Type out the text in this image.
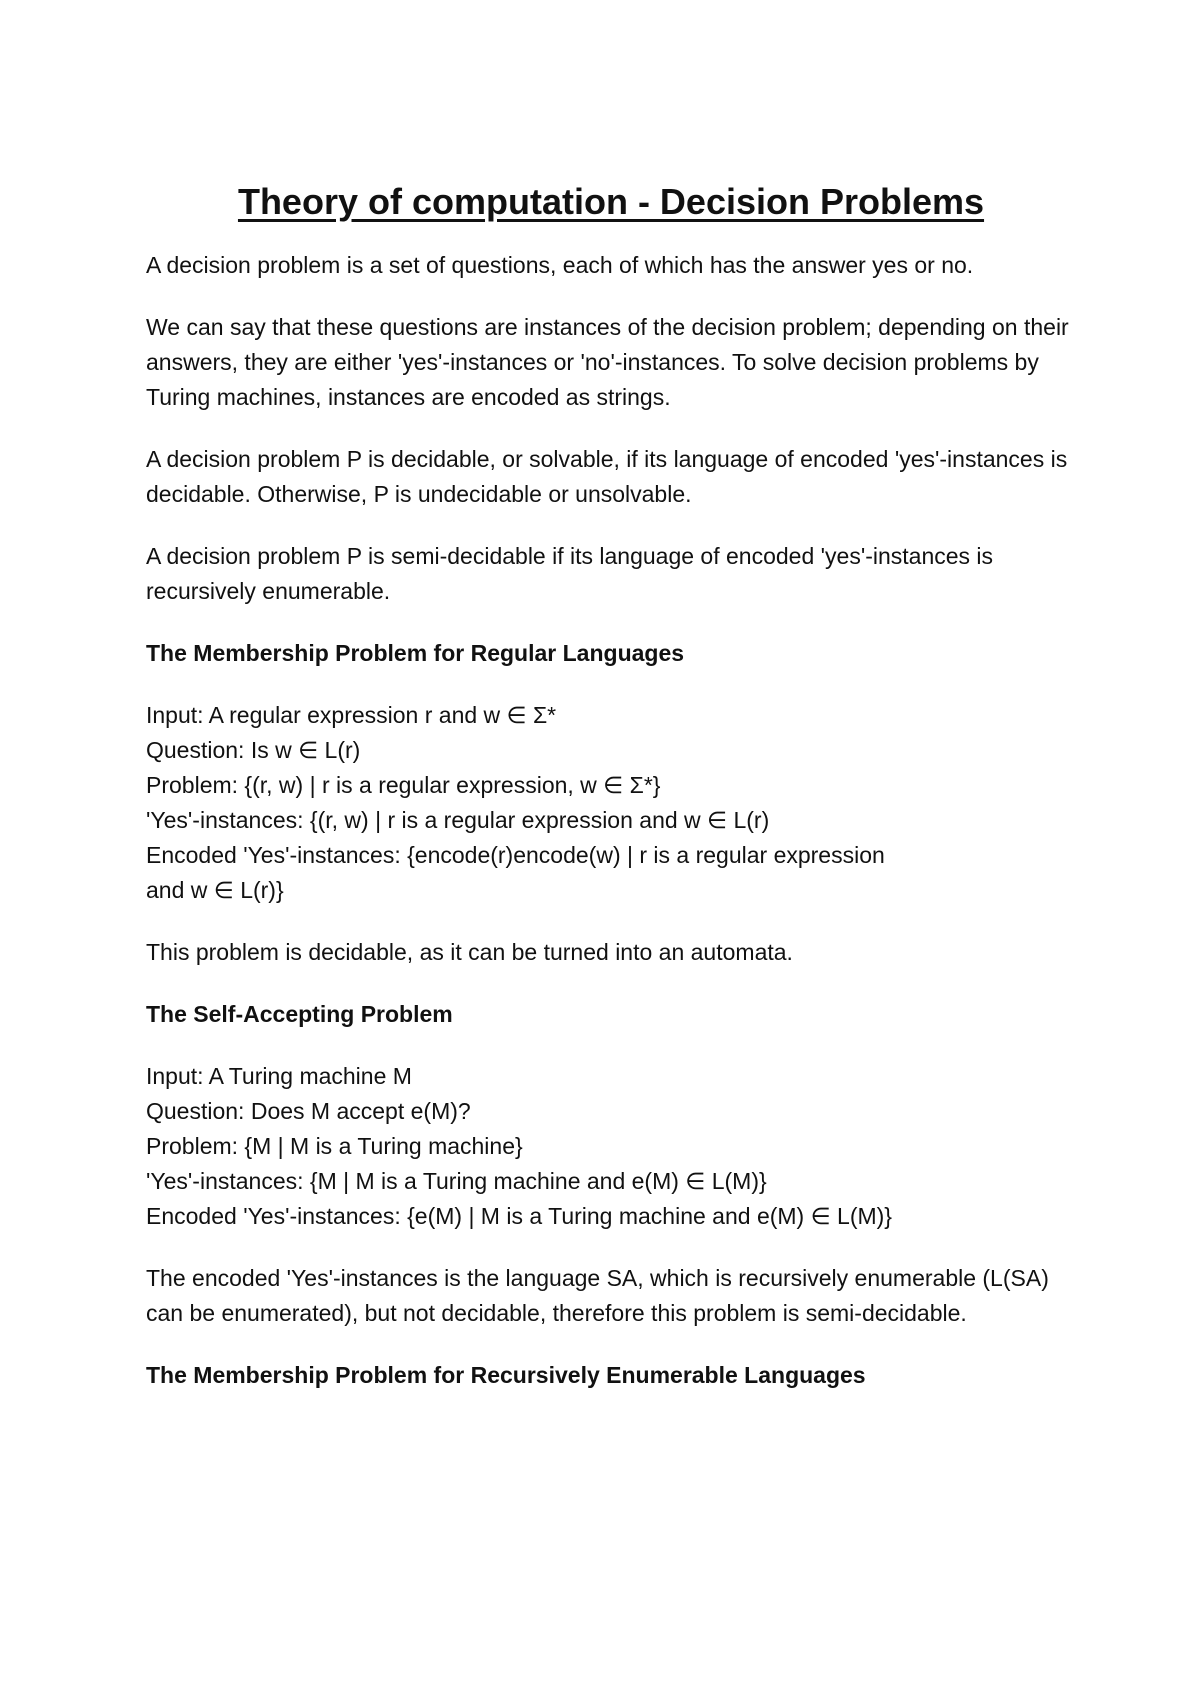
Theory of computation - Decision Problems

A decision problem is a set of questions, each of which has the answer yes or no.

We can say that these questions are instances of the decision problem; depending on their answers, they are either 'yes'-instances or 'no'-instances. To solve decision problems by Turing machines, instances are encoded as strings.

A decision problem P is decidable, or solvable, if its language of encoded 'yes'-instances is decidable. Otherwise, P is undecidable or unsolvable.

A decision problem P is semi-decidable if its language of encoded 'yes'-instances is recursively enumerable.

The Membership Problem for Regular Languages

Input: A regular expression r and w ∈ Σ*
Question: Is w ∈ L(r)
Problem: {(r, w) | r is a regular expression, w ∈ Σ*}
'Yes'-instances: {(r, w) | r is a regular expression and w ∈ L(r)
Encoded 'Yes'-instances: {encode(r)encode(w) | r is a regular expression
and w ∈ L(r)}

This problem is decidable, as it can be turned into an automata.

The Self-Accepting Problem

Input: A Turing machine M
Question: Does M accept e(M)?
Problem: {M | M is a Turing machine}
'Yes'-instances: {M | M is a Turing machine and e(M) ∈ L(M)}
Encoded 'Yes'-instances: {e(M) | M is a Turing machine and e(M) ∈ L(M)}

The encoded 'Yes'-instances is the language SA, which is recursively enumerable (L(SA) can be enumerated), but not decidable, therefore this problem is semi-decidable.

The Membership Problem for Recursively Enumerable Languages
